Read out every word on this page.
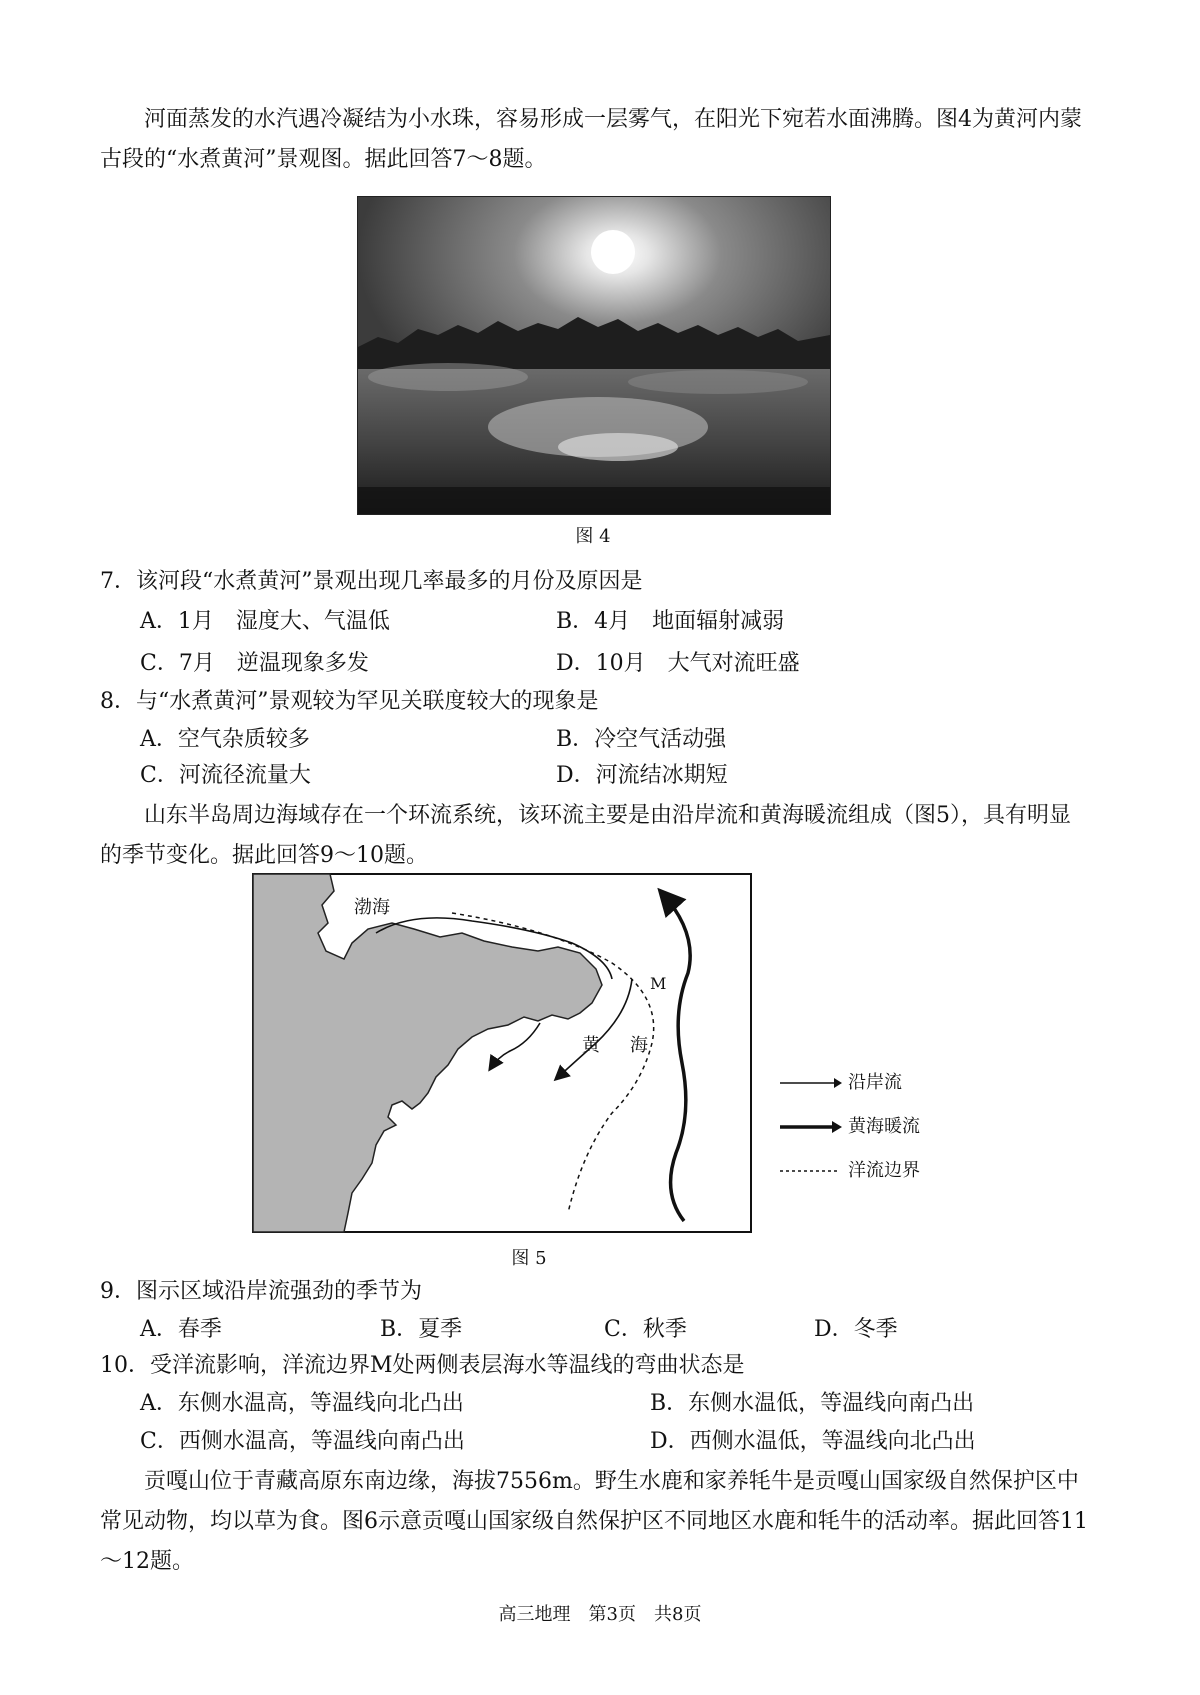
河面蒸发的水汽遇冷凝结为小水珠，容易形成一层雾气，在阳光下宛若水面沸腾。图4为黄河内蒙古段的“水煮黄河”景观图。据此回答7～8题。

图 4

7．该河段“水煮黄河”景观出现几率最多的月份及原因是

A．1月　湿度大、气温低	B．4月　地面辐射减弱

C．7月　逆温现象多发	D．10月　大气对流旺盛

8．与“水煮黄河”景观较为罕见关联度较大的现象是

A．空气杂质较多	B．冷空气活动强

C．河流径流量大	D．河流结冰期短

山东半岛周边海域存在一个环流系统，该环流主要是由沿岸流和黄海暖流组成（图5），具有明显的季节变化。据此回答9～10题。

渤海
黄 海
M
沿岸流
黄海暖流
洋流边界
图 5

9．图示区域沿岸流强劲的季节为

A．春季	B．夏季	C．秋季	D．冬季

10．受洋流影响，洋流边界M处两侧表层海水等温线的弯曲状态是

A．东侧水温高，等温线向北凸出	B．东侧水温低，等温线向南凸出

C．西侧水温高，等温线向南凸出	D．西侧水温低，等温线向北凸出

贡嘎山位于青藏高原东南边缘，海拔7556m。野生水鹿和家养牦牛是贡嘎山国家级自然保护区中常见动物，均以草为食。图6示意贡嘎山国家级自然保护区不同地区水鹿和牦牛的活动率。据此回答11～12题。

高三地理　第3页　共8页
